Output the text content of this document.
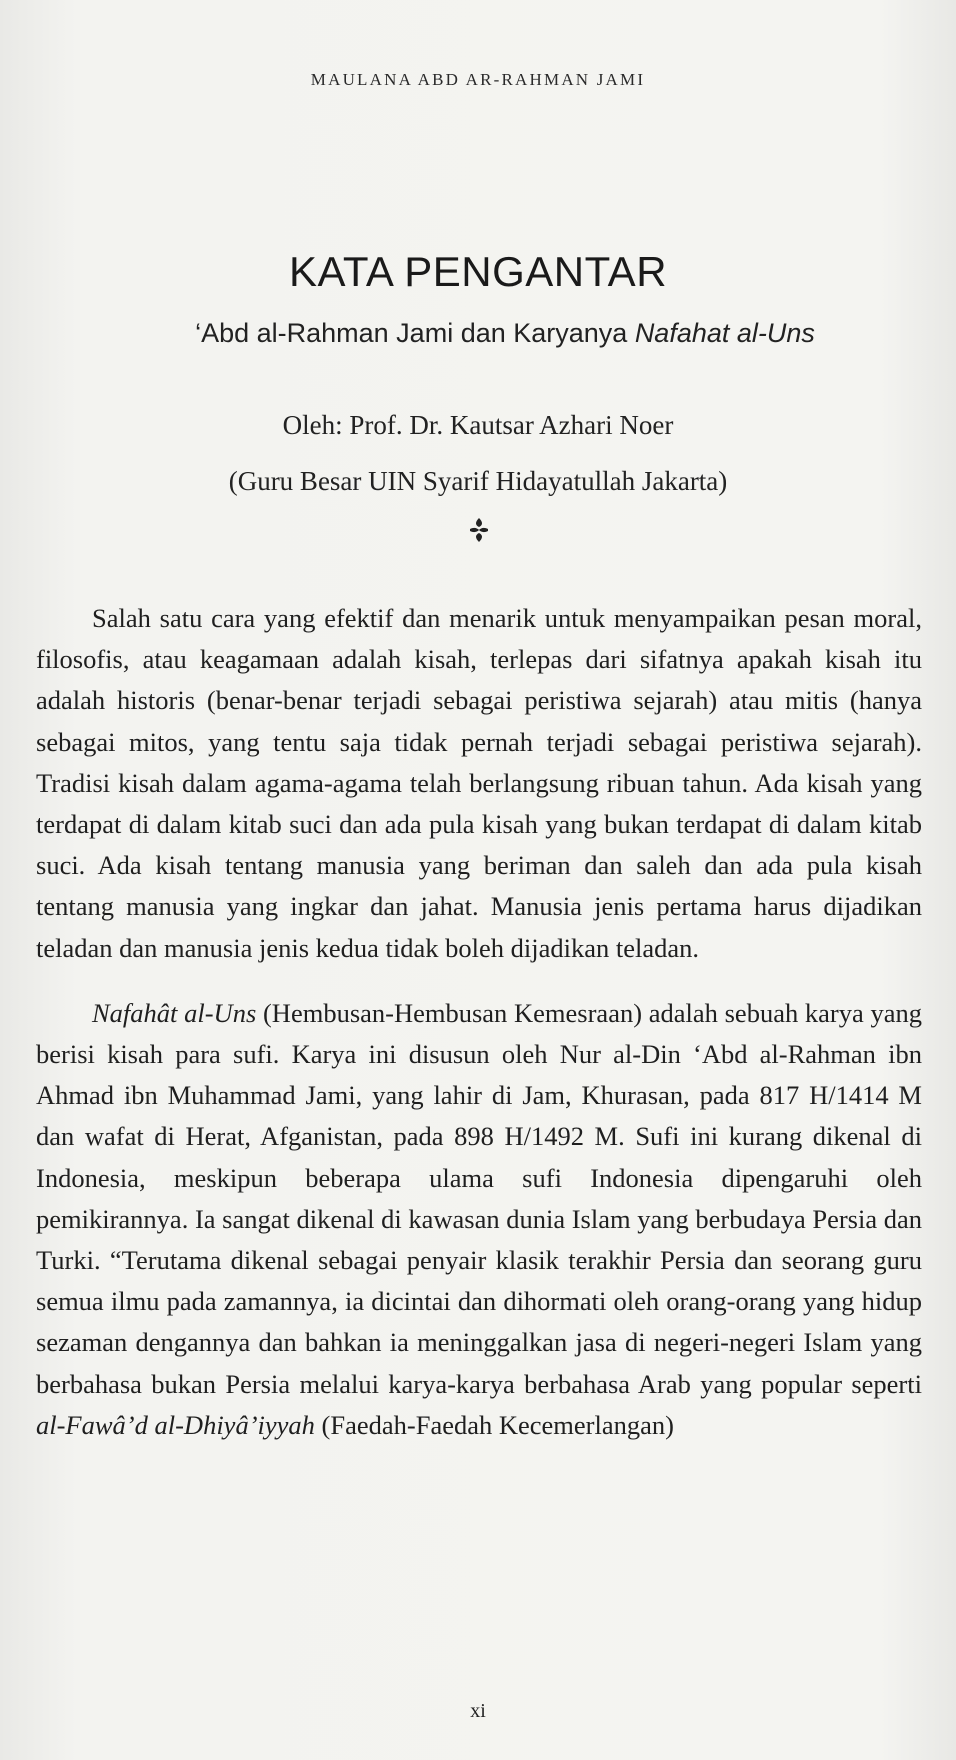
MAULANA ABD AR-RAHMAN JAMI
KATA PENGANTAR
‘Abd al-Rahman Jami dan Karyanya Nafahat al-Uns
Oleh: Prof. Dr. Kautsar Azhari Noer
(Guru Besar UIN Syarif Hidayatullah Jakarta)

Salah satu cara yang efektif dan menarik untuk menyampaikan pesan moral, filosofis, atau keagamaan adalah kisah, terlepas dari sifatnya apakah kisah itu adalah historis (benar-benar terjadi sebagai peristiwa sejarah) atau mitis (hanya sebagai mitos, yang tentu saja tidak pernah terjadi sebagai peristiwa sejarah). Tradisi kisah dalam agama-agama telah berlangsung ribuan tahun. Ada kisah yang terdapat di dalam kitab suci dan ada pula kisah yang bukan terdapat di dalam kitab suci. Ada kisah tentang manusia yang beriman dan saleh dan ada pula kisah tentang manusia yang ingkar dan jahat. Manusia jenis pertama harus dijadikan teladan dan manusia jenis kedua tidak boleh dijadikan teladan.

Nafahât al-Uns (Hembusan-Hembusan Kemesraan) adalah sebuah karya yang berisi kisah para sufi. Karya ini disusun oleh Nur al-Din ‘Abd al-Rahman ibn Ahmad ibn Muhammad Jami, yang lahir di Jam, Khurasan, pada 817 H/1414 M dan wafat di Herat, Afganistan, pada 898 H/1492 M. Sufi ini kurang dikenal di Indonesia, meskipun beberapa ulama sufi Indonesia dipengaruhi oleh pemikirannya. Ia sangat dikenal di kawasan dunia Islam yang berbudaya Persia dan Turki. “Terutama dikenal sebagai penyair klasik terakhir Persia dan seorang guru semua ilmu pada zamannya, ia dicintai dan dihormati oleh orang-orang yang hidup sezaman dengannya dan bahkan ia meninggalkan jasa di negeri-negeri Islam yang berbahasa bukan Persia melalui karya-karya berbahasa Arab yang popular seperti al-Fawâ’d al-Dhiyâ’iyyah (Faedah-Faedah Kecemerlangan)

xi
